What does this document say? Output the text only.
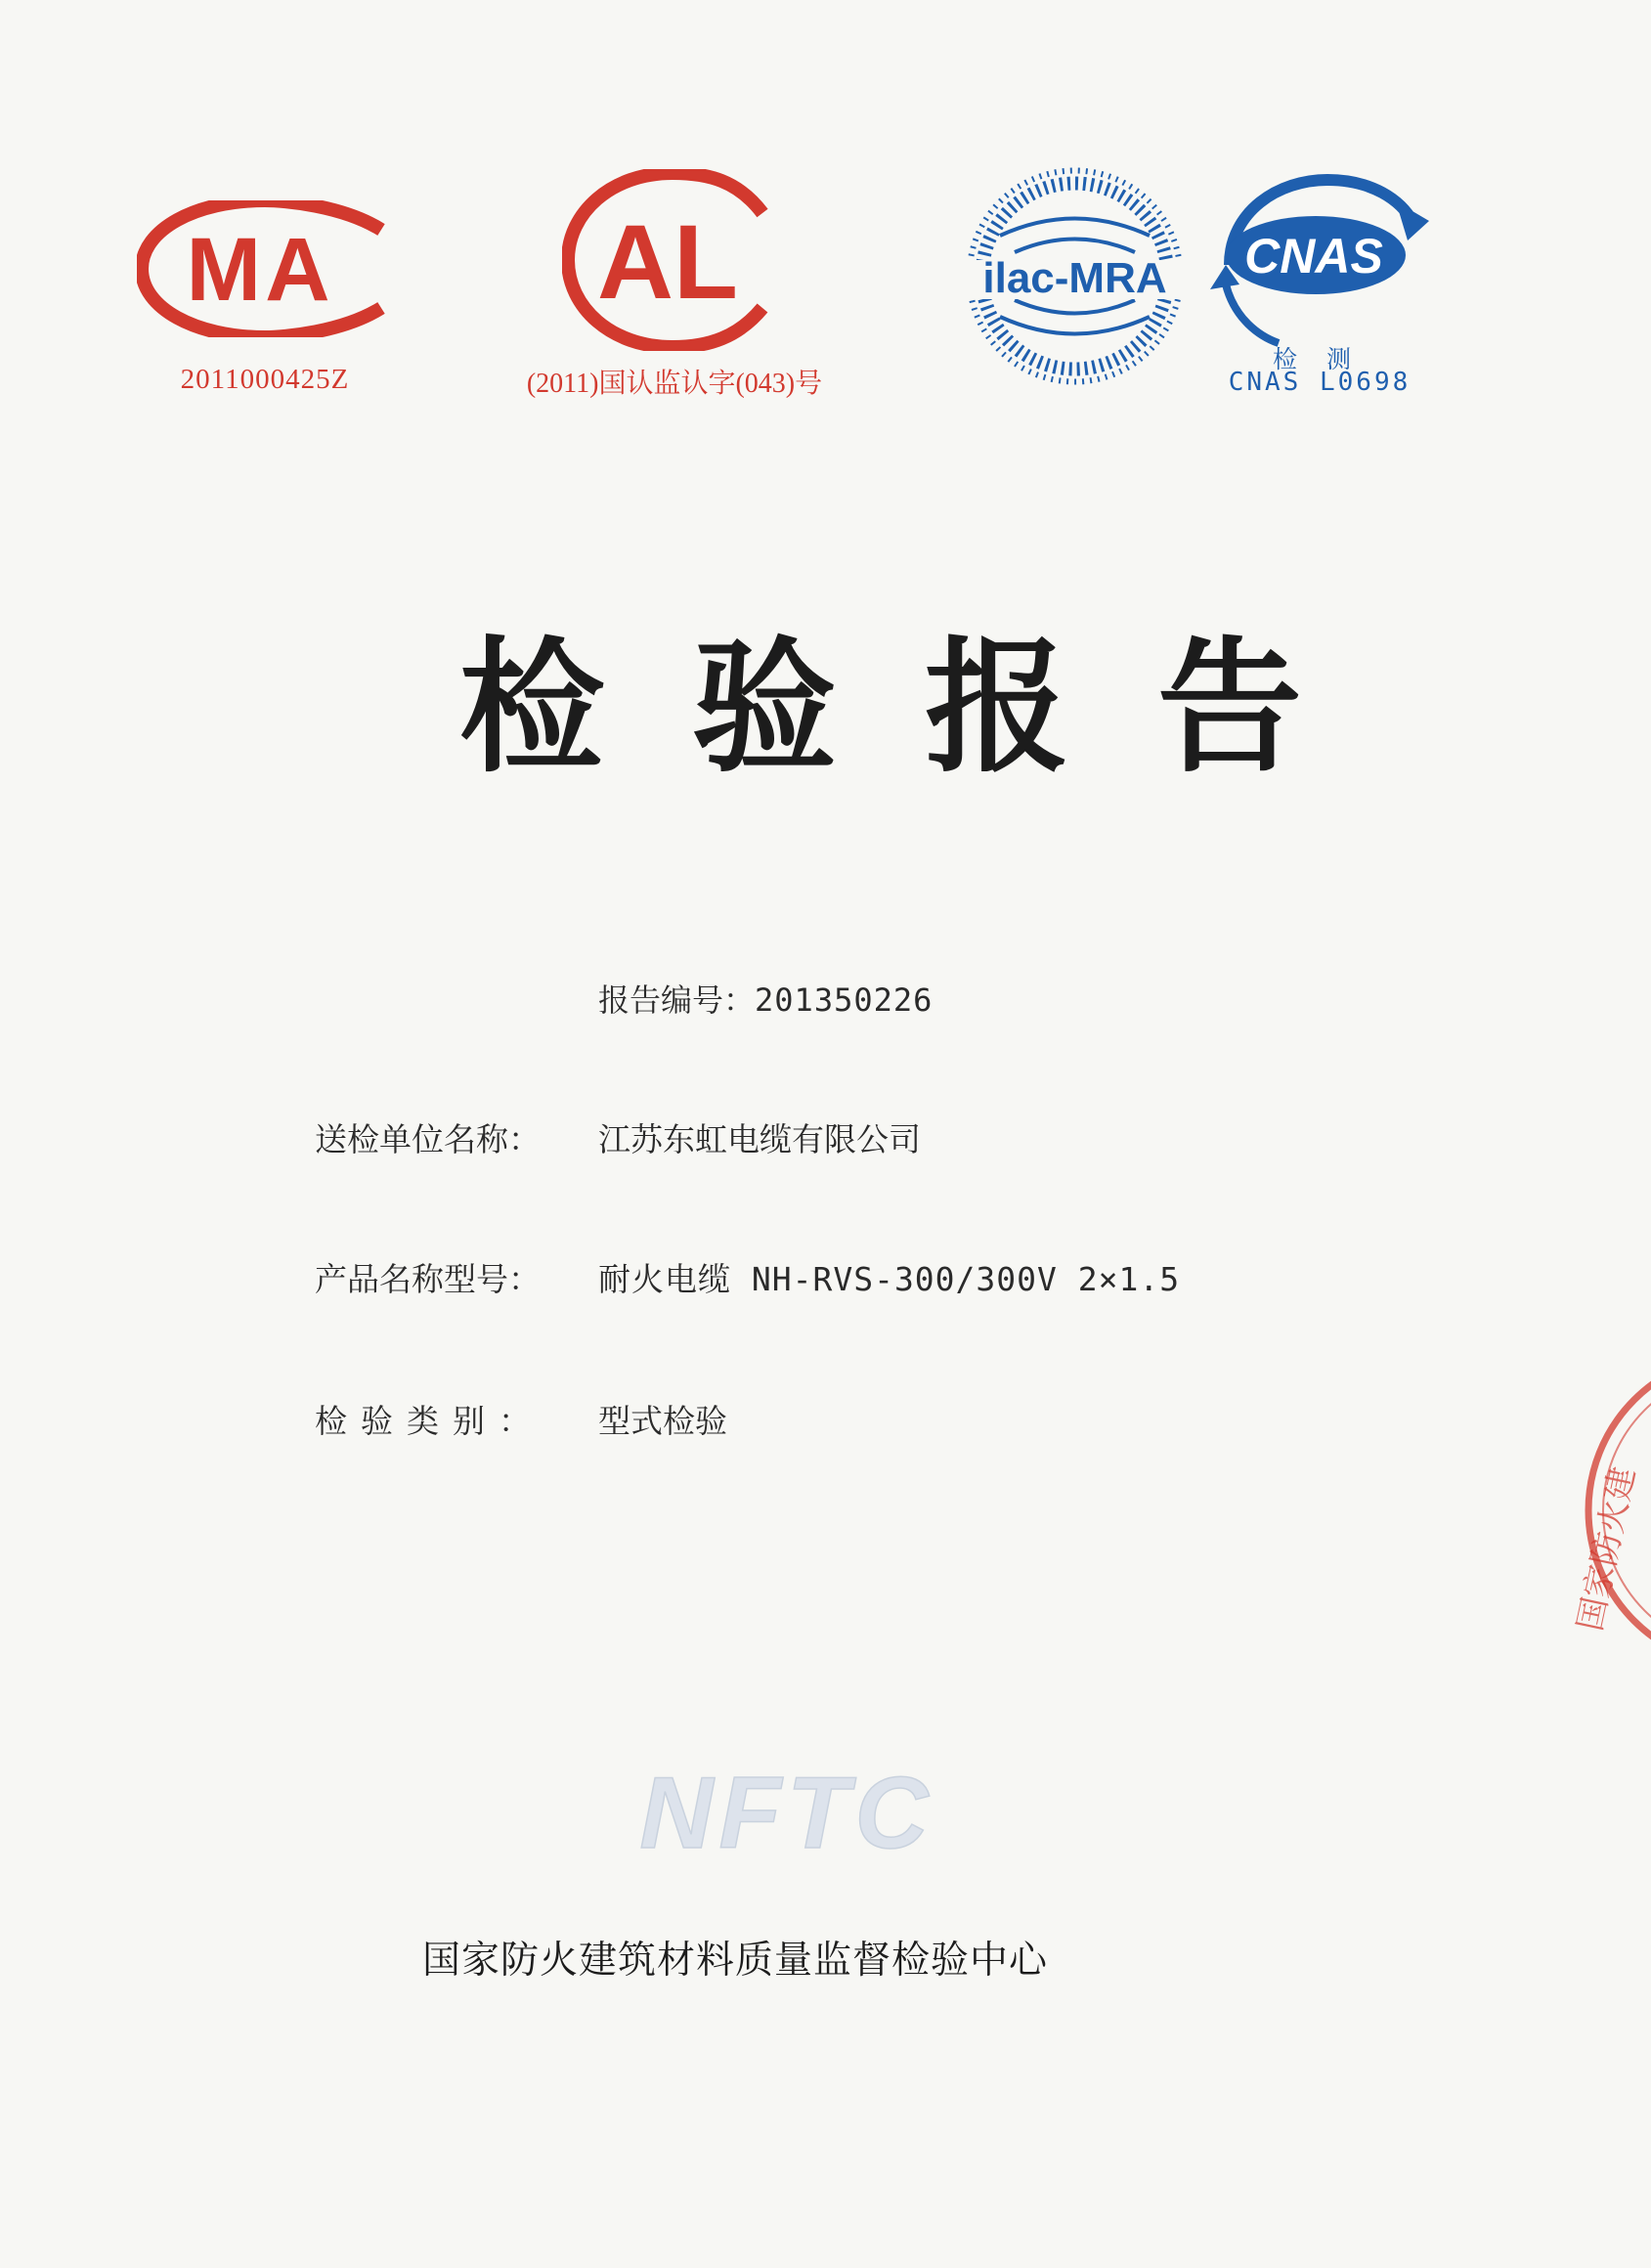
MA
2011000425Z
AL
(2011)国认监认字(043)号
ilac-MRA CNAS
检测
CNAS L0698
检验报告
报告编号：201350226
送检单位名称： 江苏东虹电缆有限公司
产品名称型号： 耐火电缆 NH-RVS-300/300V 2×1.5
检验类别： 型式检验
NFTC
国家防火建筑材料质量监督检验中心
国家防火建
